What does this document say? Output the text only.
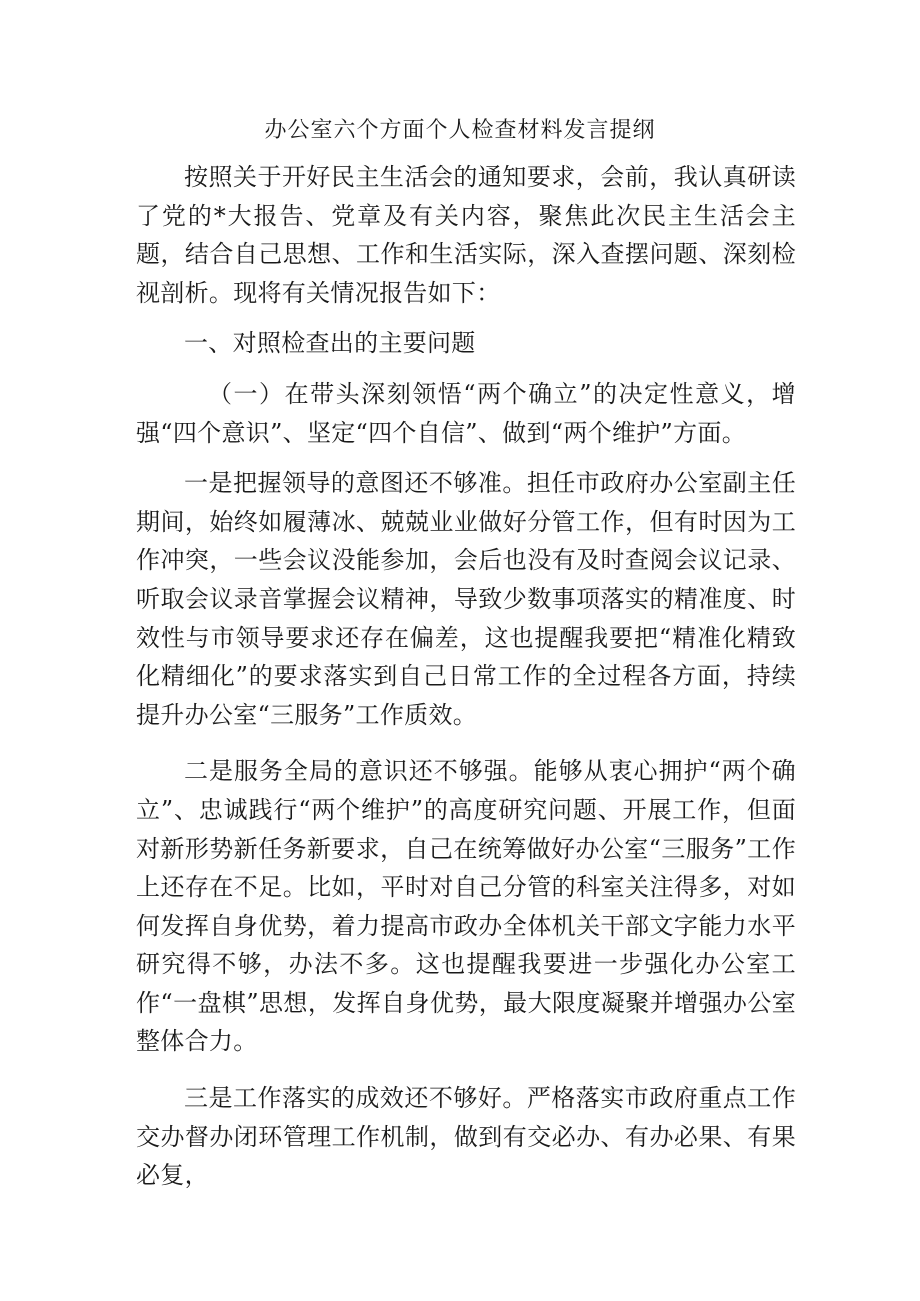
办公室六个方面个人检查材料发言提纲

按照关于开好民主生活会的通知要求，会前，我认真研读了党的*大报告、党章及有关内容，聚焦此次民主生活会主题，结合自己思想、工作和生活实际，深入查摆问题、深刻检视剖析。现将有关情况报告如下：

一、对照检查出的主要问题

（一）在带头深刻领悟“两个确立”的决定性意义，增强“四个意识”、坚定“四个自信”、做到“两个维护”方面。

一是把握领导的意图还不够准。担任市政府办公室副主任期间，始终如履薄冰、兢兢业业做好分管工作，但有时因为工作冲突，一些会议没能参加，会后也没有及时查阅会议记录、听取会议录音掌握会议精神，导致少数事项落实的精准度、时效性与市领导要求还存在偏差，这也提醒我要把“精准化精致化精细化”的要求落实到自己日常工作的全过程各方面，持续提升办公室“三服务”工作质效。

二是服务全局的意识还不够强。能够从衷心拥护“两个确立”、忠诚践行“两个维护”的高度研究问题、开展工作，但面对新形势新任务新要求，自己在统筹做好办公室“三服务”工作上还存在不足。比如，平时对自己分管的科室关注得多，对如何发挥自身优势，着力提高市政办全体机关干部文字能力水平研究得不够，办法不多。这也提醒我要进一步强化办公室工作“一盘棋”思想，发挥自身优势，最大限度凝聚并增强办公室整体合力。

三是工作落实的成效还不够好。严格落实市政府重点工作交办督办闭环管理工作机制，做到有交必办、有办必果、有果必复，
